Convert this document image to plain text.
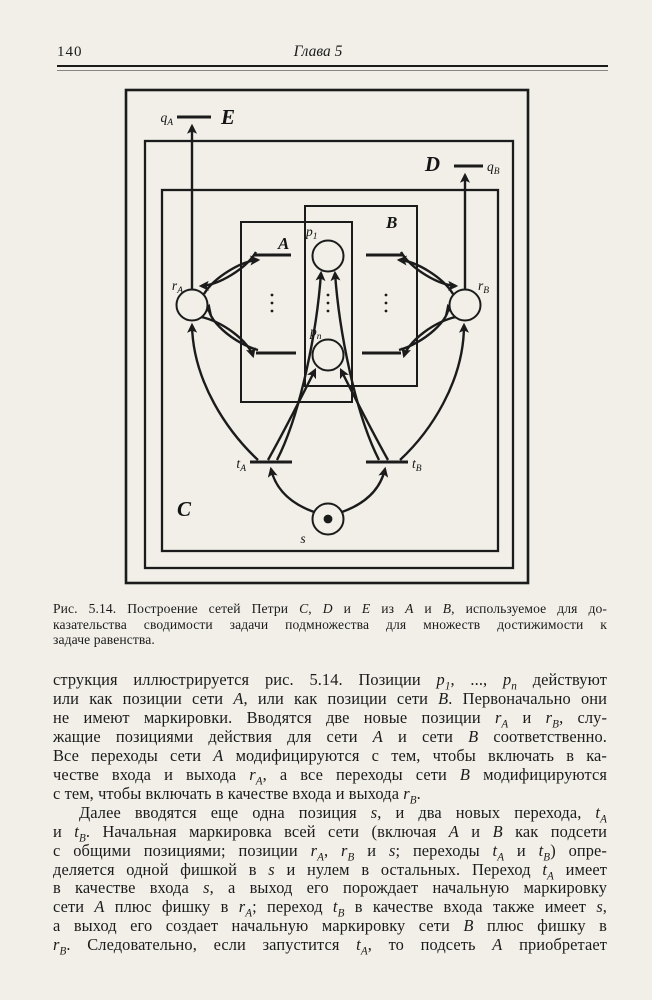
140	Глава 5
$q_A$ E
D	$q_B$
A
B
$r_A$	$r_B$
$p_1$
$p_n$
$t_A$	$t_B$
C
s
Рис. 5.14. Построение сетей Петри C, D и E из A и B, используемое для до-
казательства сводимости задачи подмножества для множеств достижимости к
задаче равенства.
струкция иллюстрируется рис. 5.14. Позиции $p_1$, ..., $p_n$ действуют
или как позиции сети A, или как позиции сети B. Первоначально они
не имеют маркировки. Вводятся две новые позиции $r_A$ и $r_B$, слу-
жащие позициями действия для сети A и сети B соответственно.
Все переходы сети A модифицируются с тем, чтобы включать в ка-
честве входа и выхода $r_A$, а все переходы сети B модифицируются
с тем, чтобы включать в качестве входа и выхода $r_B$.
Далее вводятся еще одна позиция s, и два новых перехода, $t_A$
и $t_B$. Начальная маркировка всей сети (включая A и B как подсети
с общими позициями; позиции $r_A$, $r_B$ и s; переходы $t_A$ и $t_B$) опре-
деляется одной фишкой в s и нулем в остальных. Переход $t_A$ имеет
в качестве входа s, а выход его порождает начальную маркировку
сети A плюс фишку в $r_A$; переход $t_B$ в качестве входа также имеет s,
а выход его создает начальную маркировку сети B плюс фишку в
$r_B$. Следовательно, если запустится $t_A$, то подсеть A приобретает
